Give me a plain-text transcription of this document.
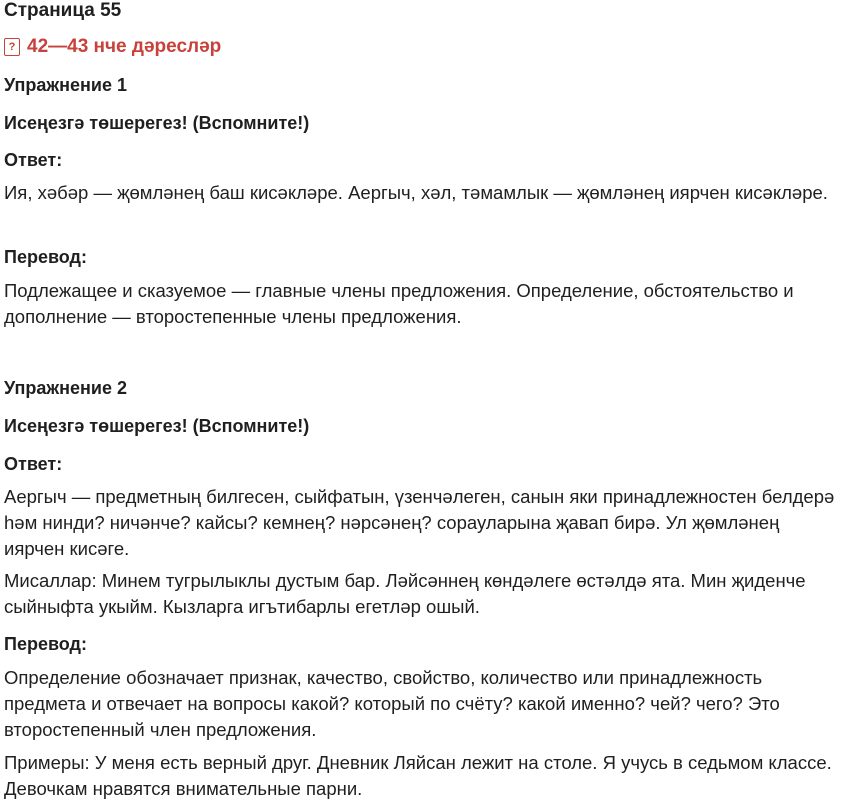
Страница 55
? 42—43 нче дәресләр
Упражнение 1
Исеңезгә төшерегез! (Вспомните!)
Ответ:

Ия, хәбәр — җөмләнең баш кисәкләре. Аергыч, хәл, тәмамлык — җөмләнең иярчен кисәкләре.

Перевод:

Подлежащее и сказуемое — главные члены предложения. Определение, обстоятельство и дополнение — второстепенные члены предложения.

Упражнение 2
Исеңезгә төшерегез! (Вспомните!)
Ответ:

Аергыч — предметның билгесен, сыйфатын, үзенчәлеген, санын яки принадлежностен белдерә һәм нинди? ничәнче? кайсы? кемнең? нәрсәнең? сорауларына җавап бирә. Ул җөмләнең иярчен кисәге.

Мисаллар: Минем тугрылыклы дустым бар. Ләйсәннең көндәлеге өстәлдә ята. Мин җиденче сыйныфта укыйм. Кызларга игътибарлы егетләр ошый.

Перевод:

Определение обозначает признак, качество, свойство, количество или принадлежность предмета и отвечает на вопросы какой? который по счёту? какой именно? чей? чего? Это второстепенный член предложения.

Примеры: У меня есть верный друг. Дневник Ляйсан лежит на столе. Я учусь в седьмом классе. Девочкам нравятся внимательные парни.
